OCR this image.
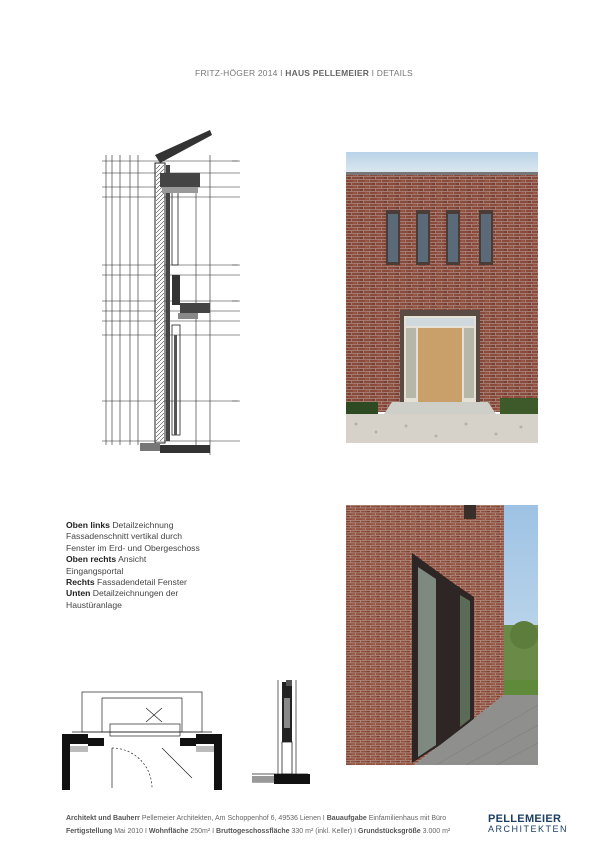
FRITZ-HÖGER 2014 I HAUS PELLEMEIER I DETAILS
Oben links Detailzeichnung
Fassadenschnitt vertikal durch
Fenster im Erd- und Obergeschoss
Oben rechts Ansicht
Eingangsportal
Rechts Fassadendetail Fenster
Unten Detailzeichnungen der
Haustüranlage
Architekt und Bauherr Pellemeier Architekten, Am Schoppenhof 6, 49536 Lienen I Bauaufgabe Einfamilienhaus mit Büro
Fertigstellung Mai 2010 I Wohnfläche 250m² I Bruttogeschossfläche 330 m² (inkl. Keller) I Grundstücksgröße 3.000 m²
PELLEMEIER
ARCHITEKTEN
